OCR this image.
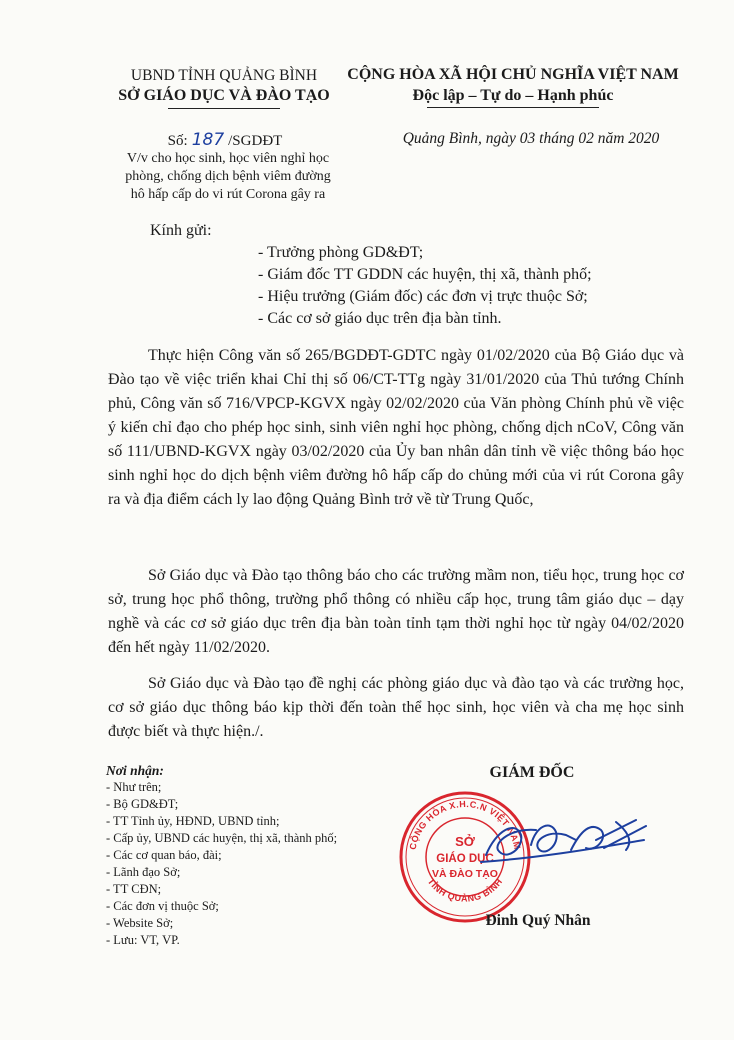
UBND TỈNH QUẢNG BÌNH
SỞ GIÁO DỤC VÀ ĐÀO TẠO
CỘNG HÒA XÃ HỘI CHỦ NGHĨA VIỆT NAM
Độc lập – Tự do – Hạnh phúc
Số: 187 /SGDĐT
V/v cho học sinh, học viên nghỉ học
phòng, chống dịch bệnh viêm đường
hô hấp cấp do vi rút Corona gây ra
Quảng Bình, ngày 03 tháng 02 năm 2020
Kính gửi:
- Trưởng phòng GD&ĐT;
- Giám đốc TT GDDN các huyện, thị xã, thành phố;
- Hiệu trưởng (Giám đốc) các đơn vị trực thuộc Sở;
- Các cơ sở giáo dục trên địa bàn tỉnh.

Thực hiện Công văn số 265/BGDĐT-GDTC ngày 01/02/2020 của Bộ Giáo dục và Đào tạo về việc triển khai Chỉ thị số 06/CT-TTg ngày 31/01/2020 của Thủ tướng Chính phủ, Công văn số 716/VPCP-KGVX ngày 02/02/2020 của Văn phòng Chính phủ về việc ý kiến chỉ đạo cho phép học sinh, sinh viên nghỉ học phòng, chống dịch nCoV, Công văn số 111/UBND-KGVX ngày 03/02/2020 của Ủy ban nhân dân tỉnh về việc thông báo học sinh nghỉ học do dịch bệnh viêm đường hô hấp cấp do chủng mới của vi rút Corona gây ra và địa điểm cách ly lao động Quảng Bình trở về từ Trung Quốc,

Sở Giáo dục và Đào tạo thông báo cho các trường mầm non, tiểu học, trung học cơ sở, trung học phổ thông, trường phổ thông có nhiều cấp học, trung tâm giáo dục – dạy nghề và các cơ sở giáo dục trên địa bàn toàn tỉnh tạm thời nghỉ học từ ngày 04/02/2020 đến hết ngày 11/02/2020.

Sở Giáo dục và Đào tạo đề nghị các phòng giáo dục và đào tạo và các trường học, cơ sở giáo dục thông báo kịp thời đến toàn thể học sinh, học viên và cha mẹ học sinh được biết và thực hiện./.

Nơi nhận:
- Như trên;
- Bộ GD&ĐT;
- TT Tỉnh ủy, HĐND, UBND tỉnh;
- Cấp ủy, UBND các huyện, thị xã, thành phố;
- Các cơ quan báo, đài;
- Lãnh đạo Sở;
- TT CĐN;
- Các đơn vị thuộc Sở;
- Website Sở;
- Lưu: VT, VP.
GIÁM ĐỐC
CỘNG HÒA X.H.C.N VIỆT NAM
TỈNH QUẢNG BÌNH
SỞ
GIÁO DỤC
VÀ ĐÀO TẠO
Đinh Quý Nhân
